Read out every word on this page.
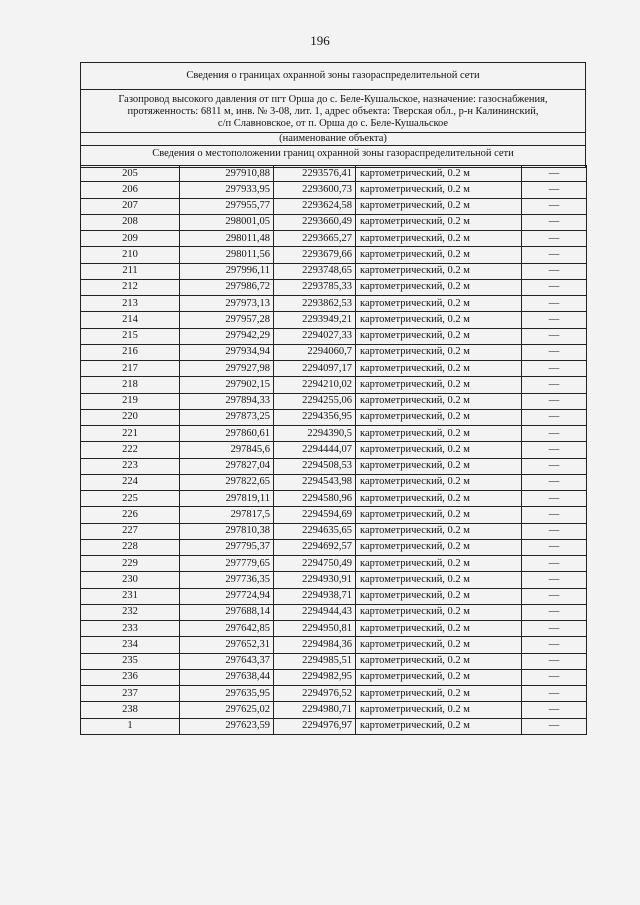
196
Сведения о границах охранной зоны газораспределительной сети
Газопровод высокого давления от пгт Орша до с. Беле-Кушальское, назначение: газоснабжения,
протяженность: 6811 м, инв. № 3-08, лит. 1, адрес объекта: Тверская обл., р-н Калининский,
с/п Славновское, от п. Орша до с. Беле-Кушальское
(наименование объекта)
Сведения о местоположении границ охранной зоны газораспределительной сети
205	297910,88	2293576,41	картометрический, 0.2 м	—
206	297933,95	2293600,73	картометрический, 0.2 м	—
207	297955,77	2293624,58	картометрический, 0.2 м	—
208	298001,05	2293660,49	картометрический, 0.2 м	—
209	298011,48	2293665,27	картометрический, 0.2 м	—
210	298011,56	2293679,66	картометрический, 0.2 м	—
211	297996,11	2293748,65	картометрический, 0.2 м	—
212	297986,72	2293785,33	картометрический, 0.2 м	—
213	297973,13	2293862,53	картометрический, 0.2 м	—
214	297957,28	2293949,21	картометрический, 0.2 м	—
215	297942,29	2294027,33	картометрический, 0.2 м	—
216	297934,94	2294060,7	картометрический, 0.2 м	—
217	297927,98	2294097,17	картометрический, 0.2 м	—
218	297902,15	2294210,02	картометрический, 0.2 м	—
219	297894,33	2294255,06	картометрический, 0.2 м	—
220	297873,25	2294356,95	картометрический, 0.2 м	—
221	297860,61	2294390,5	картометрический, 0.2 м	—
222	297845,6	2294444,07	картометрический, 0.2 м	—
223	297827,04	2294508,53	картометрический, 0.2 м	—
224	297822,65	2294543,98	картометрический, 0.2 м	—
225	297819,11	2294580,96	картометрический, 0.2 м	—
226	297817,5	2294594,69	картометрический, 0.2 м	—
227	297810,38	2294635,65	картометрический, 0.2 м	—
228	297795,37	2294692,57	картометрический, 0.2 м	—
229	297779,65	2294750,49	картометрический, 0.2 м	—
230	297736,35	2294930,91	картометрический, 0.2 м	—
231	297724,94	2294938,71	картометрический, 0.2 м	—
232	297688,14	2294944,43	картометрический, 0.2 м	—
233	297642,85	2294950,81	картометрический, 0.2 м	—
234	297652,31	2294984,36	картометрический, 0.2 м	—
235	297643,37	2294985,51	картометрический, 0.2 м	—
236	297638,44	2294982,95	картометрический, 0.2 м	—
237	297635,95	2294976,52	картометрический, 0.2 м	—
238	297625,02	2294980,71	картометрический, 0.2 м	—
1	297623,59	2294976,97	картометрический, 0.2 м	—
